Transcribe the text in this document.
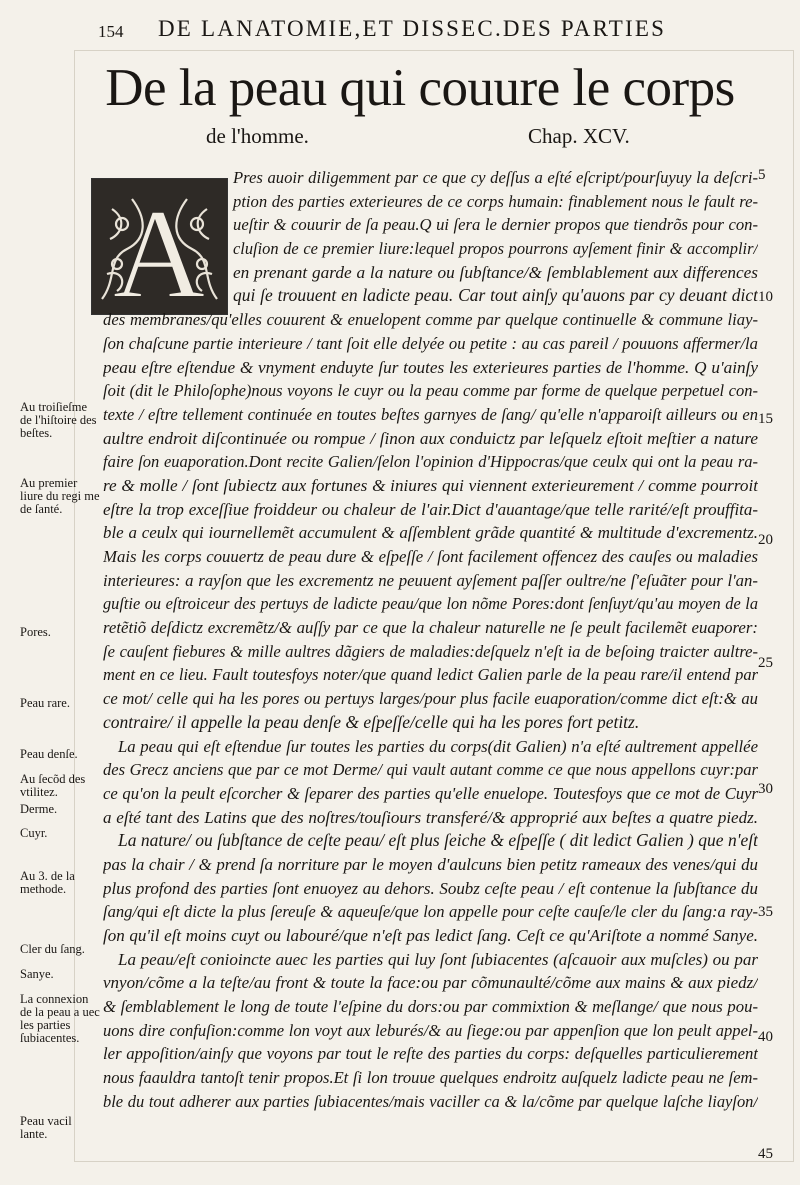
154 DE LANATOMIE,ET DISSEC.DES PARTIES
De la peau qui couure le corps
de l'homme.	Chap. XCV.
A
Pres auoir diligemment par ce que cy deſſus a eſté eſcript/pourſuyuy la deſcri-
ption des parties exterieures de ce corps humain: finablement nous le fault re-
ueſtir & couurir de ſa peau.Q ui ſera le dernier propos que tiendrõs pour con-
cluſion de ce premier liure:lequel propos pourrons ayſement finir & accomplir/
en prenant garde a la nature ou ſubſtance/& ſemblablement aux differences
qui ſe trouuent en ladicte peau. Car tout ainſy qu'auons par cy deuant dict
des membranes/qu'elles couurent & enuelopent comme par quelque continuelle & commune liay-
ſon chaſcune partie interieure / tant ſoit elle delyée ou petite : au cas pareil / pouuons affermer/la
peau eſtre eſtendue & vnyment enduyte ſur toutes les exterieures parties de l'homme. Q u'ainſy
ſoit (dit le Philoſophe)nous voyons le cuyr ou la peau comme par forme de quelque perpetuel con-
texte / eſtre tellement continuée en toutes beſtes garnyes de ſang/ qu'elle n'apparoiſt ailleurs ou en
aultre endroit diſcontinuée ou rompue / ſinon aux conduictz par leſquelz eſtoit meſtier a nature
faire ſon euaporation.Dont recite Galien/ſelon l'opinion d'Hippocras/que ceulx qui ont la peau ra-
re & molle / ſont ſubiectz aux fortunes & iniures qui viennent exterieurement / comme pourroit
eſtre la trop exceſſiue froiddeur ou chaleur de l'air.Dict d'auantage/que telle rarité/eſt prouffita-
ble a ceulx qui iournellemẽt accumulent & aſſemblent grãde quantité & multitude d'excrementz.
Mais les corps couuertz de peau dure & eſpeſſe / ſont facilement offencez des cauſes ou maladies
interieures: a rayſon que les excrementz ne peuuent ayſement paſſer oultre/ne ſ'eſuãter pour l'an-
guſtie ou eſtroiceur des pertuys de ladicte peau/que lon nõme Pores:dont ſenſuyt/qu'au moyen de la
retẽtiõ deſdictz excremẽtz/& auſſy par ce que la chaleur naturelle ne ſe peult facilemẽt euaporer:
ſe cauſent fiebures & mille aultres dãgiers de maladies:deſquelz n'eſt ia de beſoing traicter aultre-
ment en ce lieu. Fault toutesfoys noter/que quand ledict Galien parle de la peau rare/il entend par
ce mot/ celle qui ha les pores ou pertuys larges/pour plus facile euaporation/comme dict eſt:& au
contraire/ il appelle la peau denſe & eſpeſſe/celle qui ha les pores fort petitz.
La peau qui eſt eſtendue ſur toutes les parties du corps(dit Galien) n'a eſté aultrement appellée
des Grecz anciens que par ce mot Derme/ qui vault autant comme ce que nous appellons cuyr:par
ce qu'on la peult eſcorcher & ſeparer des parties qu'elle enuelope. Toutesfoys que ce mot de Cuyr
a eſté tant des Latins que des noſtres/touſiours transferé/& approprié aux beſtes a quatre piedz.
La nature/ ou ſubſtance de ceſte peau/ eſt plus ſeiche & eſpeſſe ( dit ledict Galien ) que n'eſt
pas la chair / & prend ſa norriture par le moyen d'aulcuns bien petitz rameaux des venes/qui du
plus profond des parties ſont enuoyez au dehors. Soubz ceſte peau / eſt contenue la ſubſtance du
ſang/qui eſt dicte la plus ſereuſe & aqueuſe/que lon appelle pour ceſte cauſe/le cler du ſang:a ray-
ſon qu'il eſt moins cuyt ou labouré/que n'eſt pas ledict ſang. Ceſt ce qu'Ariſtote a nommé Sanye.
La peau/eſt conioincte auec les parties qui luy ſont ſubiacentes (aſcauoir aux muſcles) ou par
vnyon/cõme a la teſte/au front & toute la face:ou par cõmunaulté/cõme aux mains & aux piedz/
& ſemblablement le long de toute l'eſpine du dors:ou par commixtion & meſlange/ que nous pou-
uons dire confuſion:comme lon voyt aux leburés/& au ſiege:ou par appenſion que lon peult appel-
ler appoſition/ainſy que voyons par tout le reſte des parties du corps: deſquelles particulierement
nous faauldra tantoſt tenir propos.Et ſi lon trouue quelques endroitz auſquelz ladicte peau ne ſem-
ble du tout adherer aux parties ſubiacentes/mais vaciller ca & la/cõme par quelque laſche liayſon/
Au troiſieſme de l'hiſtoire des beſtes.
Au premier liure du regi me de ſanté.
Pores.
Peau rare.
Peau denſe.
Au ſecõd des vtilitez.
Derme.
Cuyr.
Au 3. de la methode.
Cler du ſang.
Sanye.
La connexion de la peau a uec les parties ſubiacentes.
Peau vacil lante.
5
10
15
20
25
30
35
40
45
